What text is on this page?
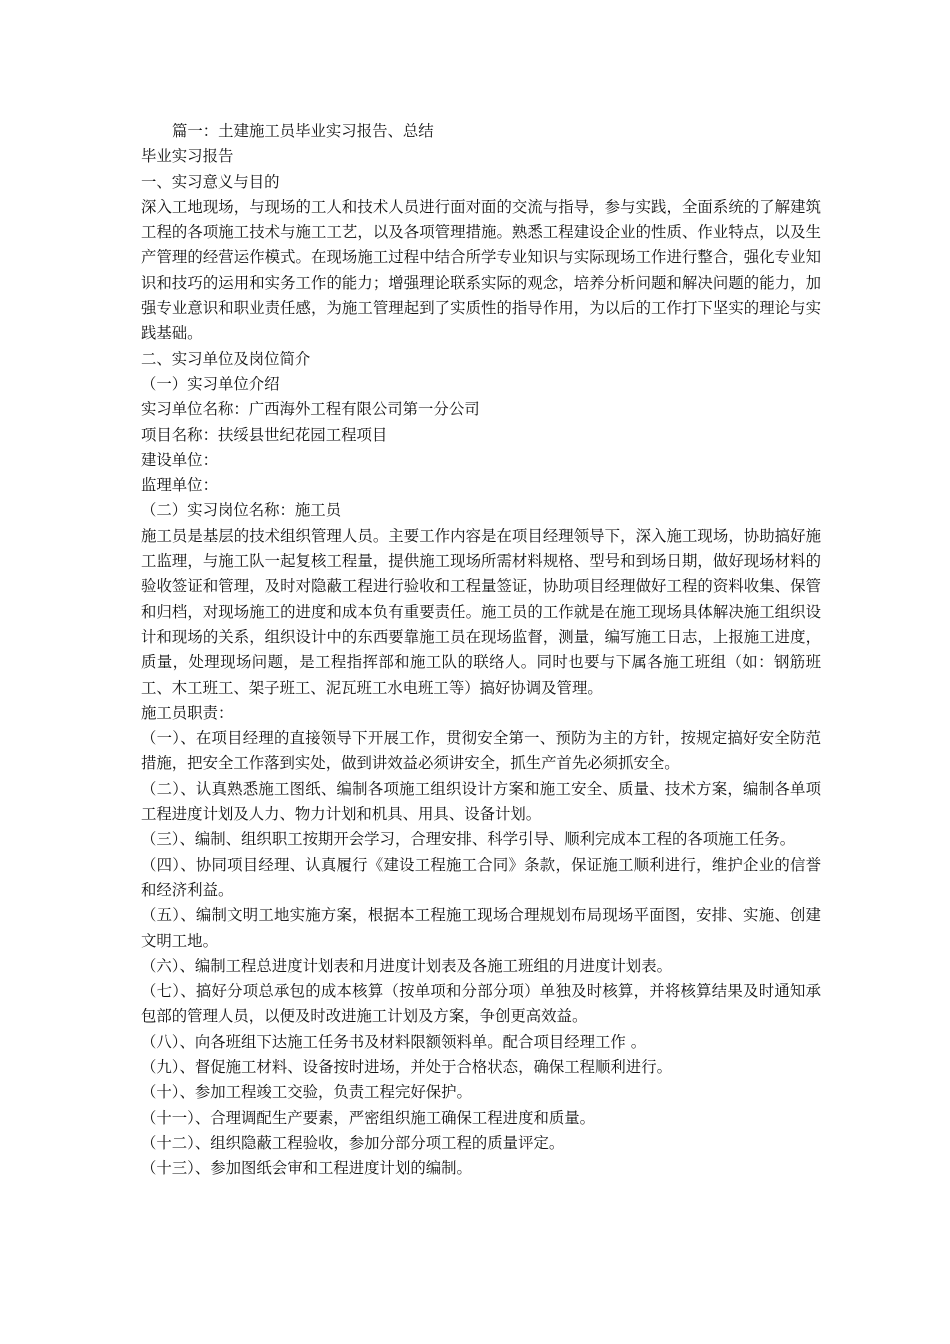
篇一：土建施工员毕业实习报告、总结

毕业实习报告

一、实习意义与目的

深入工地现场，与现场的工人和技术人员进行面对面的交流与指导，参与实践，全面系统的了解建筑工程的各项施工技术与施工工艺，以及各项管理措施。熟悉工程建设企业的性质、作业特点，以及生产管理的经营运作模式。在现场施工过程中结合所学专业知识与实际现场工作进行整合，强化专业知识和技巧的运用和实务工作的能力；增强理论联系实际的观念，培养分析问题和解决问题的能力，加强专业意识和职业责任感，为施工管理起到了实质性的指导作用，为以后的工作打下坚实的理论与实践基础。

二、实习单位及岗位简介

（一）实习单位介绍

实习单位名称：广西海外工程有限公司第一分公司

项目名称：扶绥县世纪花园工程项目

建设单位：

监理单位：

（二）实习岗位名称：施工员

施工员是基层的技术组织管理人员。主要工作内容是在项目经理领导下，深入施工现场，协助搞好施工监理，与施工队一起复核工程量，提供施工现场所需材料规格、型号和到场日期，做好现场材料的验收签证和管理，及时对隐蔽工程进行验收和工程量签证，协助项目经理做好工程的资料收集、保管和归档，对现场施工的进度和成本负有重要责任。施工员的工作就是在施工现场具体解决施工组织设计和现场的关系，组织设计中的东西要靠施工员在现场监督，测量，编写施工日志，上报施工进度，质量，处理现场问题，是工程指挥部和施工队的联络人。同时也要与下属各施工班组（如：钢筋班工、木工班工、架子班工、泥瓦班工水电班工等）搞好协调及管理。

施工员职责：

（一）、在项目经理的直接领导下开展工作，贯彻安全第一、预防为主的方针，按规定搞好安全防范措施，把安全工作落到实处，做到讲效益必须讲安全，抓生产首先必须抓安全。

（二）、认真熟悉施工图纸、编制各项施工组织设计方案和施工安全、质量、技术方案，编制各单项工程进度计划及人力、物力计划和机具、用具、设备计划。

（三）、编制、组织职工按期开会学习，合理安排、科学引导、顺利完成本工程的各项施工任务。

（四）、协同项目经理、认真履行《建设工程施工合同》条款，保证施工顺利进行，维护企业的信誉和经济利益。

（五）、编制文明工地实施方案，根据本工程施工现场合理规划布局现场平面图，安排、实施、创建文明工地。

（六）、编制工程总进度计划表和月进度计划表及各施工班组的月进度计划表。

（七）、搞好分项总承包的成本核算（按单项和分部分项）单独及时核算，并将核算结果及时通知承包部的管理人员，以便及时改进施工计划及方案，争创更高效益。

（八）、向各班组下达施工任务书及材料限额领料单。配合项目经理工作 。

（九）、督促施工材料、设备按时进场，并处于合格状态，确保工程顺利进行。

（十）、参加工程竣工交验，负责工程完好保护。

（十一）、合理调配生产要素，严密组织施工确保工程进度和质量。

（十二）、组织隐蔽工程验收，参加分部分项工程的质量评定。

（十三）、参加图纸会审和工程进度计划的编制。
